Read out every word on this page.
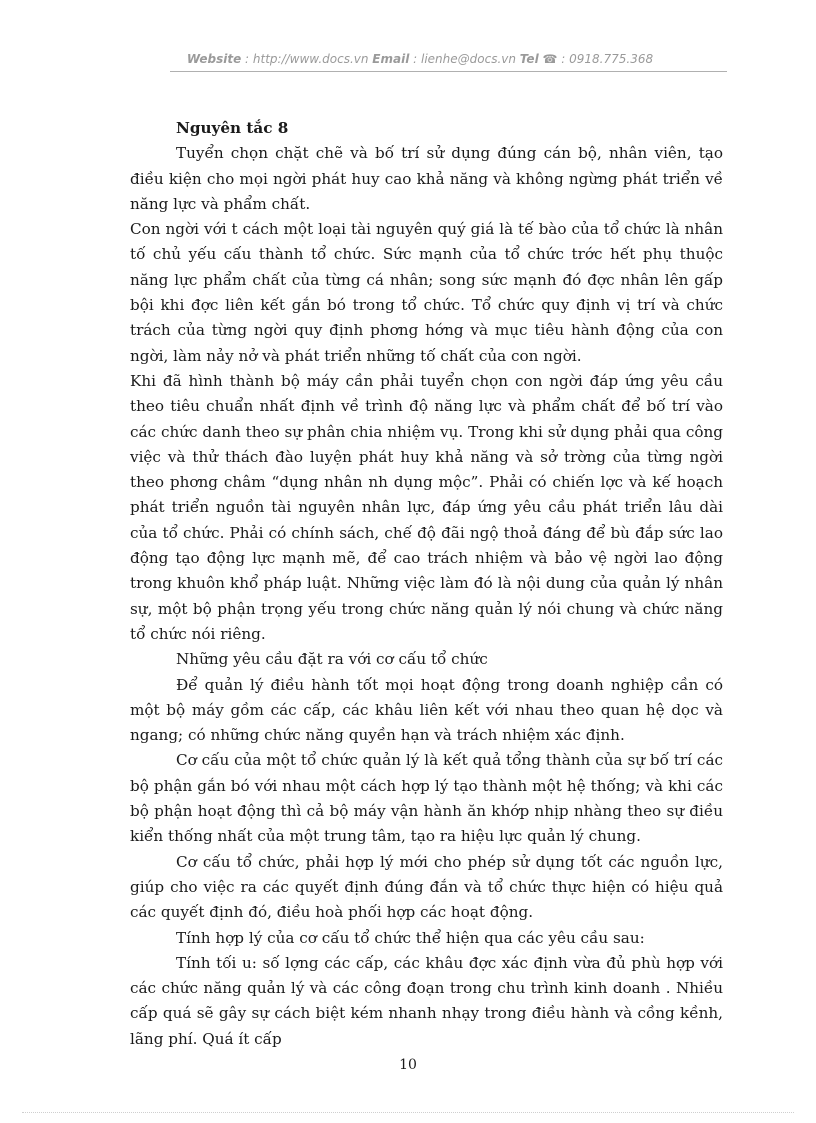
Website : http://www.docs.vn Email : lienhe@docs.vn Tel ☎ : 0918.775.368

Nguyên tắc 8

Tuyển chọn chặt chẽ và bố trí sử dụng đúng cán bộ, nhân viên, tạo điều kiện cho mọi ngời phát huy cao khả năng và không ngừng phát triển về năng lực và phẩm chất.

Con ngời với t cách một loại tài nguyên quý giá là tế bào của tổ chức là nhân tố chủ yếu cấu thành tổ chức. Sức mạnh của tổ chức trớc hết phụ thuộc năng lực phẩm chất của từng cá nhân; song sức mạnh đó đợc nhân lên gấp bội khi đợc liên kết gắn bó trong tổ chức. Tổ chức quy định vị trí và chức trách của từng ngời quy định phơng hớng và mục tiêu hành động của con ngời, làm nảy nở và phát triển những tố chất của con ngời.

Khi đã hình thành bộ máy cần phải tuyển chọn con ngời đáp ứng yêu cầu theo tiêu chuẩn nhất định về trình độ năng lực và phẩm chất để bố trí vào các chức danh theo sự phân chia nhiệm vụ. Trong khi sử dụng phải qua công việc và thử thách đào luyện phát huy khả năng và sở trờng của từng ngời theo phơng châm “dụng nhân nh dụng mộc”. Phải có chiến lợc và kế hoạch phát triển nguồn tài nguyên nhân lực, đáp ứng yêu cầu phát triển lâu dài của tổ chức. Phải có chính sách, chế độ đãi ngộ thoả đáng để bù đắp sức lao động tạo động lực mạnh mẽ, để cao trách nhiệm và bảo vệ ngời lao động trong khuôn khổ pháp luật. Những việc làm đó là nội dung của quản lý nhân sự, một bộ phận trọng yếu trong chức năng quản lý nói chung và chức năng tổ chức nói riêng.

Những yêu cầu đặt ra với cơ cấu tổ chức

Để quản lý điều hành tốt mọi hoạt động trong doanh nghiệp cần có một bộ máy gồm các cấp, các khâu liên kết với nhau theo quan hệ dọc và ngang; có những chức năng quyền hạn và trách nhiệm xác định.

Cơ cấu của một tổ chức quản lý là kết quả tổng thành của sự bố trí các bộ phận gắn bó với nhau một cách hợp lý tạo thành một hệ thống; và khi các bộ phận hoạt động thì cả bộ máy vận hành ăn khớp nhịp nhàng theo sự điều kiển thống nhất của một trung tâm, tạo ra hiệu lực quản lý chung.

Cơ cấu tổ chức, phải hợp lý mới cho phép sử dụng tốt các nguồn lực, giúp cho việc ra các quyết định đúng đắn và tổ chức thực hiện có hiệu quả các quyết định đó, điều hoà phối hợp các hoạt động.

Tính hợp lý của cơ cấu tổ chức thể hiện qua các yêu cầu sau:

Tính tối u: số lợng các cấp, các khâu đợc xác định vừa đủ phù hợp với các chức năng quản lý và các công đoạn trong chu trình kinh doanh . Nhiều cấp quá sẽ gây sự cách biệt kém nhanh nhạy trong điều hành và cồng kềnh, lãng phí. Quá ít cấp

10
